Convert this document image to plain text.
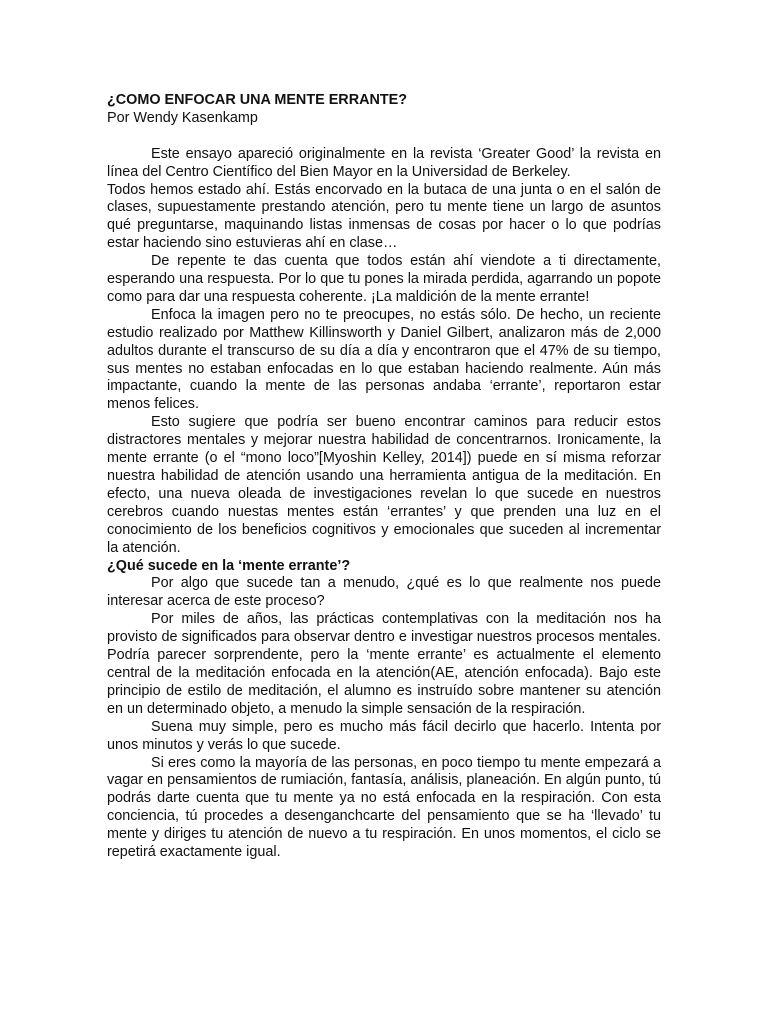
¿COMO ENFOCAR UNA MENTE ERRANTE?
Por Wendy Kasenkamp

Este ensayo apareció originalmente en la revista ‘Greater Good’ la revista en línea del Centro Científico del Bien Mayor en la Universidad de Berkeley.

Todos hemos estado ahí. Estás encorvado en la butaca de una junta o en el salón de clases, supuestamente prestando atención, pero tu mente tiene un largo de asuntos qué preguntarse, maquinando listas inmensas de cosas por hacer o lo que podrías estar haciendo sino estuvieras ahí en clase…

De repente te das cuenta que todos están ahí viendote a ti directamente, esperando una respuesta. Por lo que tu pones la mirada perdida, agarrando un popote como para dar una respuesta coherente. ¡La maldición de la mente errante!

Enfoca la imagen pero no te preocupes, no estás sólo. De hecho, un reciente estudio realizado por Matthew Killinsworth y Daniel Gilbert, analizaron más de 2,000 adultos durante el transcurso de su día a día y encontraron que el 47% de su tiempo, sus mentes no estaban enfocadas en lo que estaban haciendo realmente. Aún más impactante, cuando la mente de las personas andaba ‘errante’, reportaron estar menos felices.

Esto sugiere que podría ser bueno encontrar caminos para reducir estos distractores mentales y mejorar nuestra habilidad de concentrarnos. Ironicamente, la mente errante (o el “mono loco”[Myoshin Kelley, 2014]) puede en sí misma reforzar nuestra habilidad de atención usando una herramienta antigua de la meditación. En efecto, una nueva oleada de investigaciones revelan lo que sucede en nuestros cerebros cuando nuestas mentes están ‘errantes’ y que prenden una luz en el conocimiento de los beneficios cognitivos y emocionales que suceden al incrementar la atención.

¿Qué sucede en la ‘mente errante’?

Por algo que sucede tan a menudo, ¿qué es lo que realmente nos puede interesar acerca de este proceso?

Por miles de años, las prácticas contemplativas con la meditación nos ha provisto de significados para observar dentro e investigar nuestros procesos mentales. Podría parecer sorprendente, pero la ‘mente errante’ es actualmente el elemento central de la meditación enfocada en la atención(AE, atención enfocada). Bajo este principio de estilo de meditación, el alumno es instruído sobre mantener su atención en un determinado objeto, a menudo la simple sensación de la respiración.

Suena muy simple, pero es mucho más fácil decirlo que hacerlo. Intenta por unos minutos y verás lo que sucede.

Si eres como la mayoría de las personas, en poco tiempo tu mente empezará a vagar en pensamientos de rumiación, fantasía, análisis, planeación. En algún punto, tú podrás darte cuenta que tu mente ya no está enfocada en la respiración. Con esta conciencia, tú procedes a desenganchcarte del pensamiento que se ha ‘llevado’ tu mente y diriges tu atención de nuevo a tu respiración. En unos momentos, el ciclo se repetirá exactamente igual.
